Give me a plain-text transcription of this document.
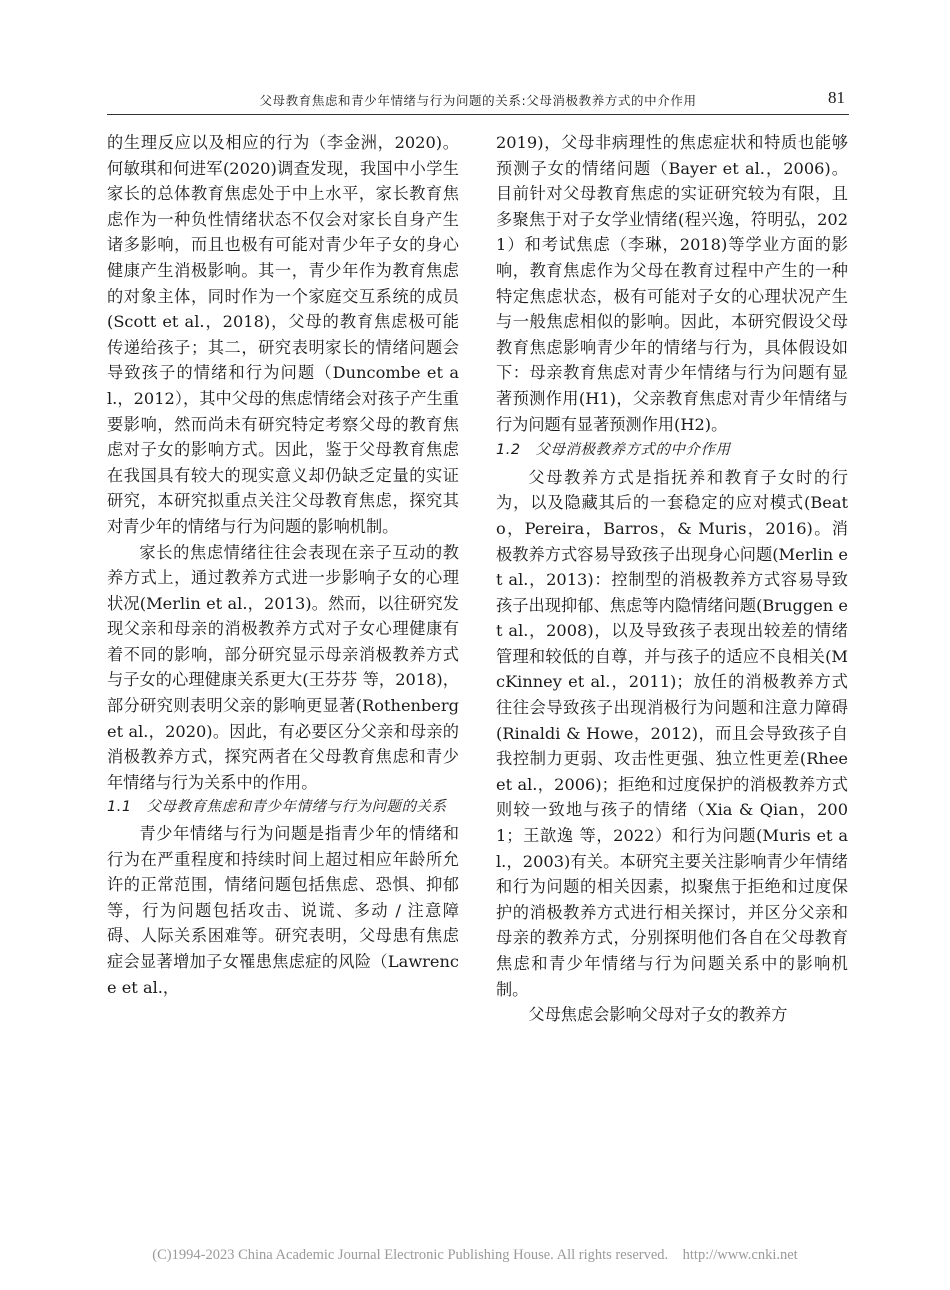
父母教育焦虑和青少年情绪与行为问题的关系:父母消极教养方式的中介作用	81

的生理反应以及相应的行为（李金洲，2020)。何敏琪和何进军(2020)调查发现，我国中小学生家长的总体教育焦虑处于中上水平，家长教育焦虑作为一种负性情绪状态不仅会对家长自身产生诸多影响，而且也极有可能对青少年子女的身心健康产生消极影响。其一，青少年作为教育焦虑的对象主体，同时作为一个家庭交互系统的成员(Scott et al.，2018)，父母的教育焦虑极可能传递给孩子；其二，研究表明家长的情绪问题会导致孩子的情绪和行为问题（Duncombe et al.，2012），其中父母的焦虑情绪会对孩子产生重要影响，然而尚未有研究特定考察父母的教育焦虑对子女的影响方式。因此，鉴于父母教育焦虑在我国具有较大的现实意义却仍缺乏定量的实证研究，本研究拟重点关注父母教育焦虑，探究其对青少年的情绪与行为问题的影响机制。

家长的焦虑情绪往往会表现在亲子互动的教养方式上，通过教养方式进一步影响子女的心理状况(Merlin et al.，2013)。然而，以往研究发现父亲和母亲的消极教养方式对子女心理健康有着不同的影响，部分研究显示母亲消极教养方式与子女的心理健康关系更大(王芬芬 等，2018)，部分研究则表明父亲的影响更显著(Rothenberg et al.，2020)。因此，有必要区分父亲和母亲的消极教养方式，探究两者在父母教育焦虑和青少年情绪与行为关系中的作用。

1.1　父母教育焦虑和青少年情绪与行为问题的关系

青少年情绪与行为问题是指青少年的情绪和行为在严重程度和持续时间上超过相应年龄所允许的正常范围，情绪问题包括焦虑、恐惧、抑郁等，行为问题包括攻击、说谎、多动 / 注意障碍、人际关系困难等。研究表明，父母患有焦虑症会显著增加子女罹患焦虑症的风险（Lawrence et al.，

2019)，父母非病理性的焦虑症状和特质也能够预测子女的情绪问题（Bayer et al.，2006)。目前针对父母教育焦虑的实证研究较为有限，且多聚焦于对子女学业情绪(程兴逸，符明弘，2021）和考试焦虑（李琳，2018)等学业方面的影响，教育焦虑作为父母在教育过程中产生的一种特定焦虑状态，极有可能对子女的心理状况产生与一般焦虑相似的影响。因此，本研究假设父母教育焦虑影响青少年的情绪与行为，具体假设如下：母亲教育焦虑对青少年情绪与行为问题有显著预测作用(H1)，父亲教育焦虑对青少年情绪与行为问题有显著预测作用(H2)。

1.2　父母消极教养方式的中介作用

父母教养方式是指抚养和教育子女时的行为，以及隐藏其后的一套稳定的应对模式(Beato，Pereira，Barros，& Muris，2016)。消极教养方式容易导致孩子出现身心问题(Merlin et al.，2013)：控制型的消极教养方式容易导致孩子出现抑郁、焦虑等内隐情绪问题(Bruggen et al.，2008)，以及导致孩子表现出较差的情绪管理和较低的自尊，并与孩子的适应不良相关(McKinney et al.，2011)；放任的消极教养方式往往会导致孩子出现消极行为问题和注意力障碍(Rinaldi & Howe，2012)，而且会导致孩子自我控制力更弱、攻击性更强、独立性更差(Rhee et al.，2006)；拒绝和过度保护的消极教养方式则较一致地与孩子的情绪（Xia & Qian，2001；王歆逸 等，2022）和行为问题(Muris et al.，2003)有关。本研究主要关注影响青少年情绪和行为问题的相关因素，拟聚焦于拒绝和过度保护的消极教养方式进行相关探讨，并区分父亲和母亲的教养方式，分别探明他们各自在父母教育焦虑和青少年情绪与行为问题关系中的影响机制。

父母焦虑会影响父母对子女的教养方

(C)1994-2023 China Academic Journal Electronic Publishing House. All rights reserved.　http://www.cnki.net
